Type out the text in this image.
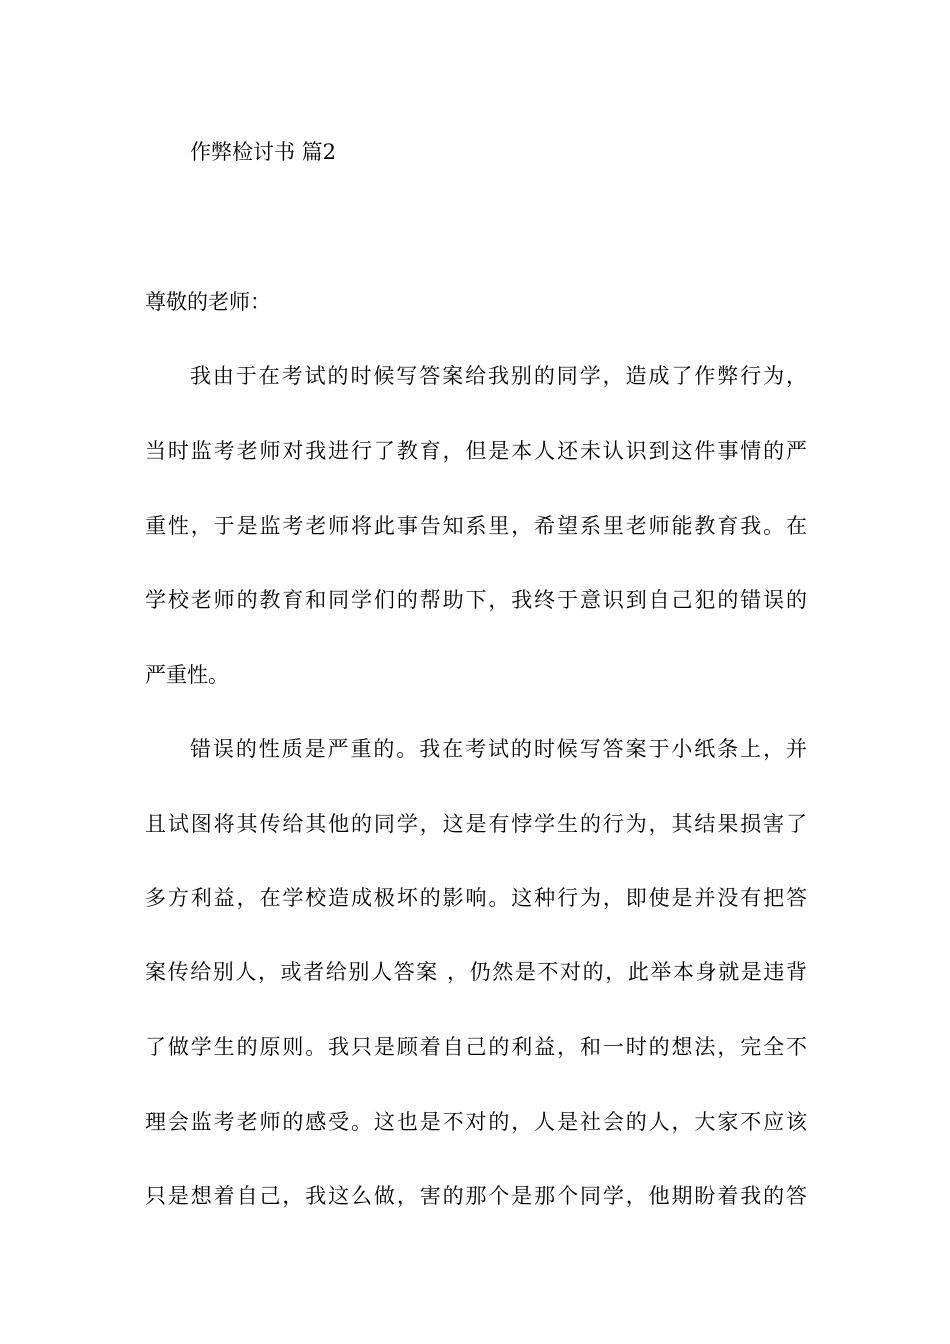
作弊检讨书 篇2
尊敬的老师：
我由于在考试的时候写答案给我别的同学，造成了作弊行为，
当时监考老师对我进行了教育，但是本人还未认识到这件事情的严
重性，于是监考老师将此事告知系里，希望系里老师能教育我。在
学校老师的教育和同学们的帮助下，我终于意识到自己犯的错误的
严重性。
错误的性质是严重的。我在考试的时候写答案于小纸条上，并
且试图将其传给其他的同学，这是有悖学生的行为，其结果损害了
多方利益，在学校造成极坏的影响。这种行为，即使是并没有把答
案传给别人，或者给别人答案 ，仍然是不对的，此举本身就是违背
了做学生的原则。我只是顾着自己的利益，和一时的想法，完全不
理会监考老师的感受。这也是不对的，人是社会的人，大家不应该
只是想着自己，我这么做，害的那个是那个同学，他期盼着我的答
